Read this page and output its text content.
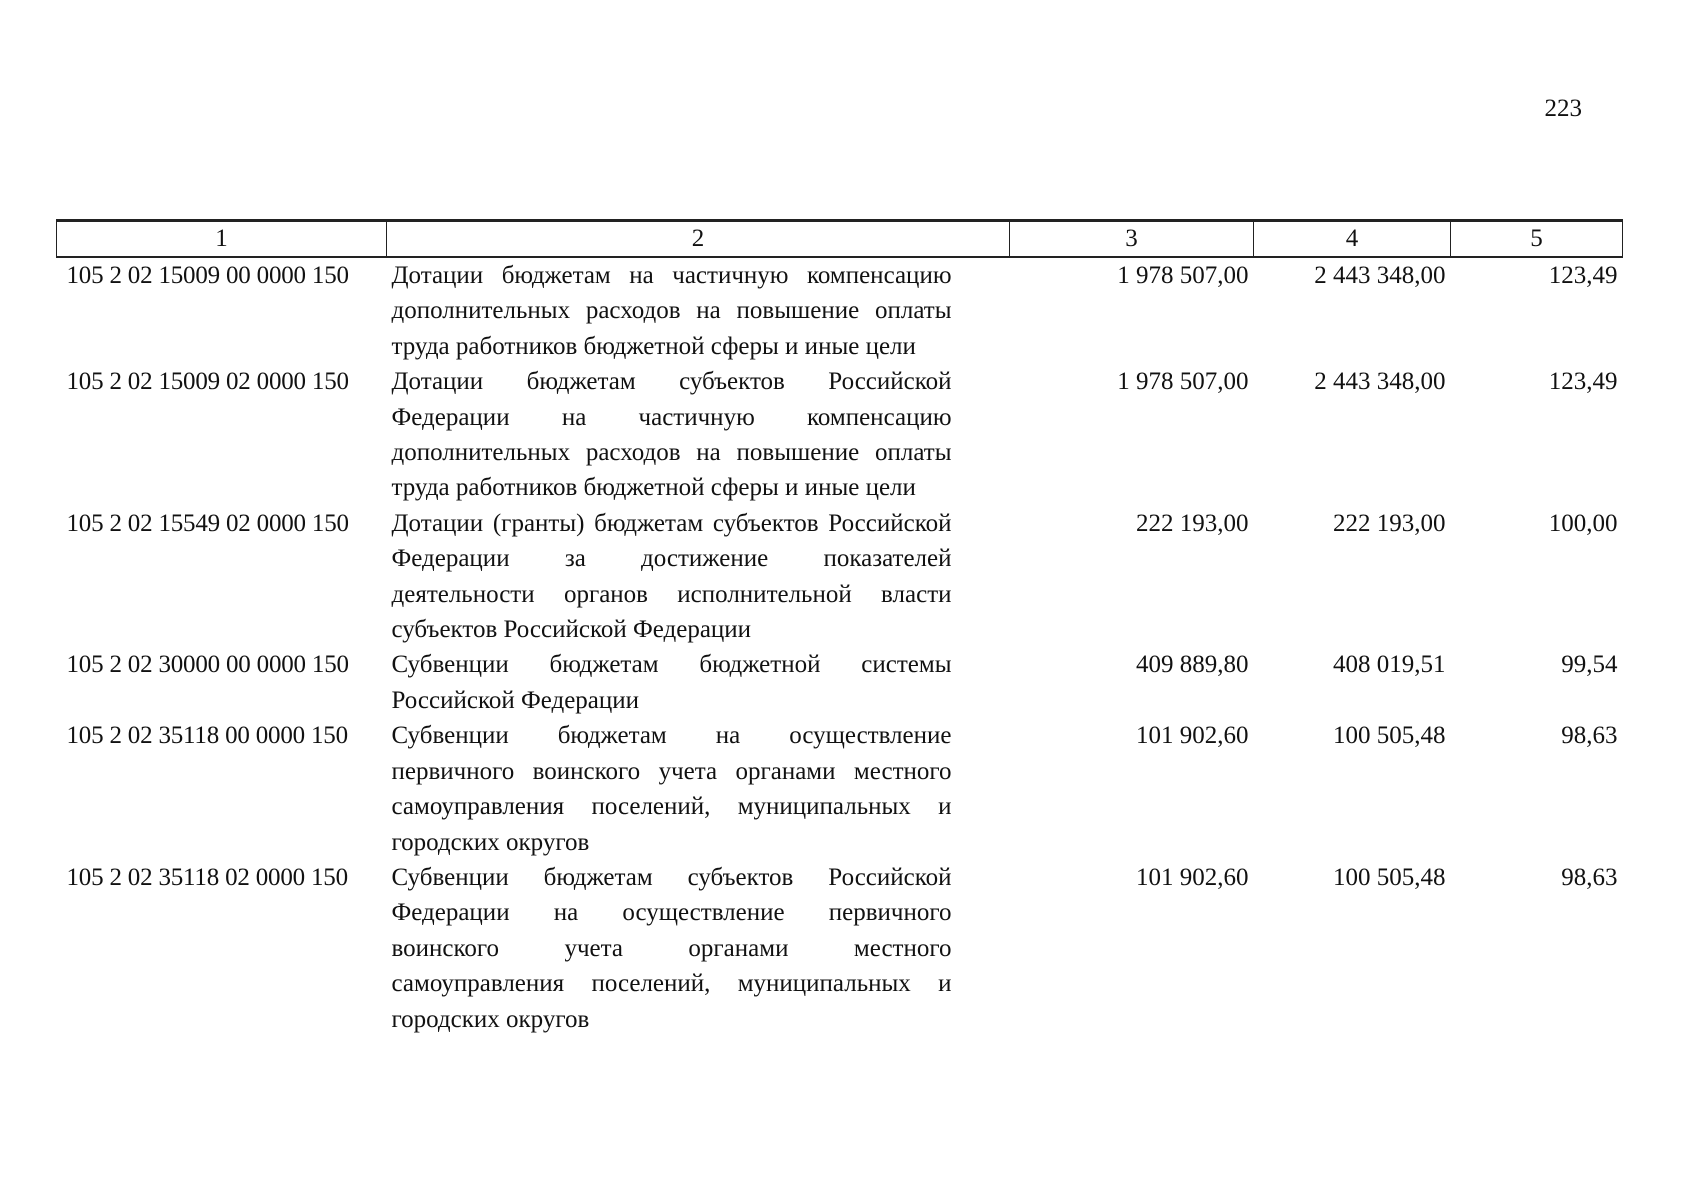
223
1	2	3	4	5
105 2 02 15009 00 0000 150	Дотации бюджетам на частичную компенсацию дополнительных расходов на повышение оплаты труда работников бюджетной сферы и иные цели	1 978 507,00	2 443 348,00	123,49
105 2 02 15009 02 0000 150	Дотации бюджетам субъектов Российской Федерации на частичную компенсацию дополнительных расходов на повышение оплаты труда работников бюджетной сферы и иные цели	1 978 507,00	2 443 348,00	123,49
105 2 02 15549 02 0000 150	Дотации (гранты) бюджетам субъектов Российской Федерации за достижение показателей деятельности органов исполнительной власти субъектов Российской Федерации	222 193,00	222 193,00	100,00
105 2 02 30000 00 0000 150	Субвенции бюджетам бюджетной системы Российской Федерации	409 889,80	408 019,51	99,54
105 2 02 35118 00 0000 150	Субвенции бюджетам на осуществление первичного воинского учета органами местного самоуправления поселений, муниципальных и городских округов	101 902,60	100 505,48	98,63
105 2 02 35118 02 0000 150	Субвенции бюджетам субъектов Российской Федерации на осуществление первичного воинского учета органами местного самоуправления поселений, муниципальных и городских округов	101 902,60	100 505,48	98,63
